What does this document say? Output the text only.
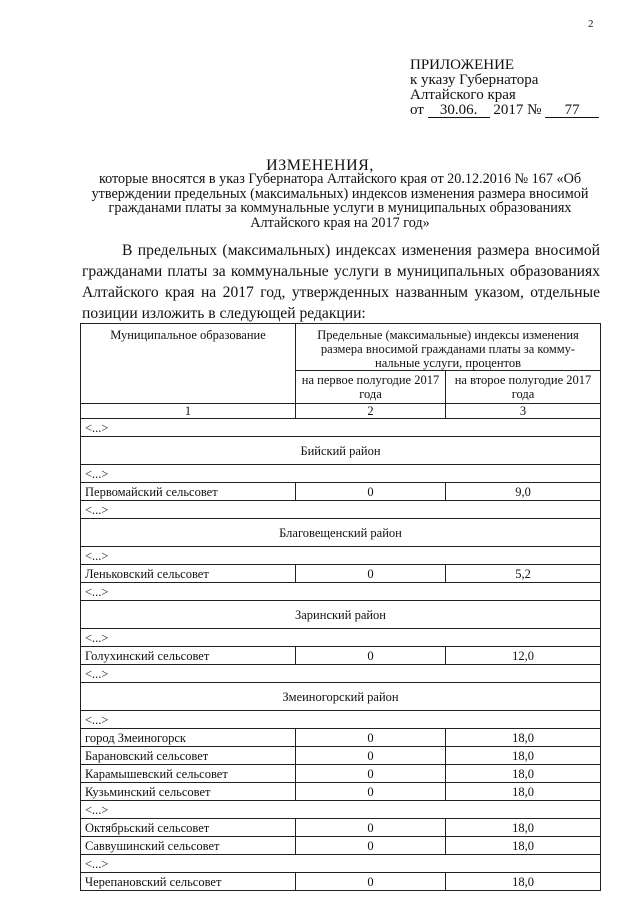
2
ПРИЛОЖЕНИЕ
к указу Губернатора
Алтайского края
от 30.06. 2017 № 77
ИЗМЕНЕНИЯ,
которые вносятся в указ Губернатора Алтайского края от 20.12.2016 № 167 «Об утверждении предельных (максимальных) индексов изменения размера вносимой гражданами платы за коммунальные услуги в муниципальных образованиях Алтайского края на 2017 год»
В предельных (максимальных) индексах изменения размера вносимой гражданами платы за коммунальные услуги в муниципальных образованиях Алтайского края на 2017 год, утвержденных названным указом, отдельные позиции изложить в следующей редакции:
Муниципальное образование	Предельные (максимальные) индексы изменения размера вносимой гражданами платы за комму-нальные услуги, процентов	
	на первое полугодие 2017 года	на второе полугодие 2017 года
1	2	3
<...>		
Бийский район		
<...>		
Первомайский сельсовет	0	9,0
<...>		
Благовещенский район		
<...>		
Леньковский сельсовет	0	5,2
<...>		
Заринский район		
<...>		
Голухинский сельсовет	0	12,0
<...>		
Змеиногорский район		
<...>		
город Змеиногорск	0	18,0
Барановский сельсовет	0	18,0
Карамышевский сельсовет	0	18,0
Кузьминский сельсовет	0	18,0
<...>		
Октябрьский сельсовет	0	18,0
Саввушинский сельсовет	0	18,0
<...>		
Черепановский сельсовет	0	18,0
